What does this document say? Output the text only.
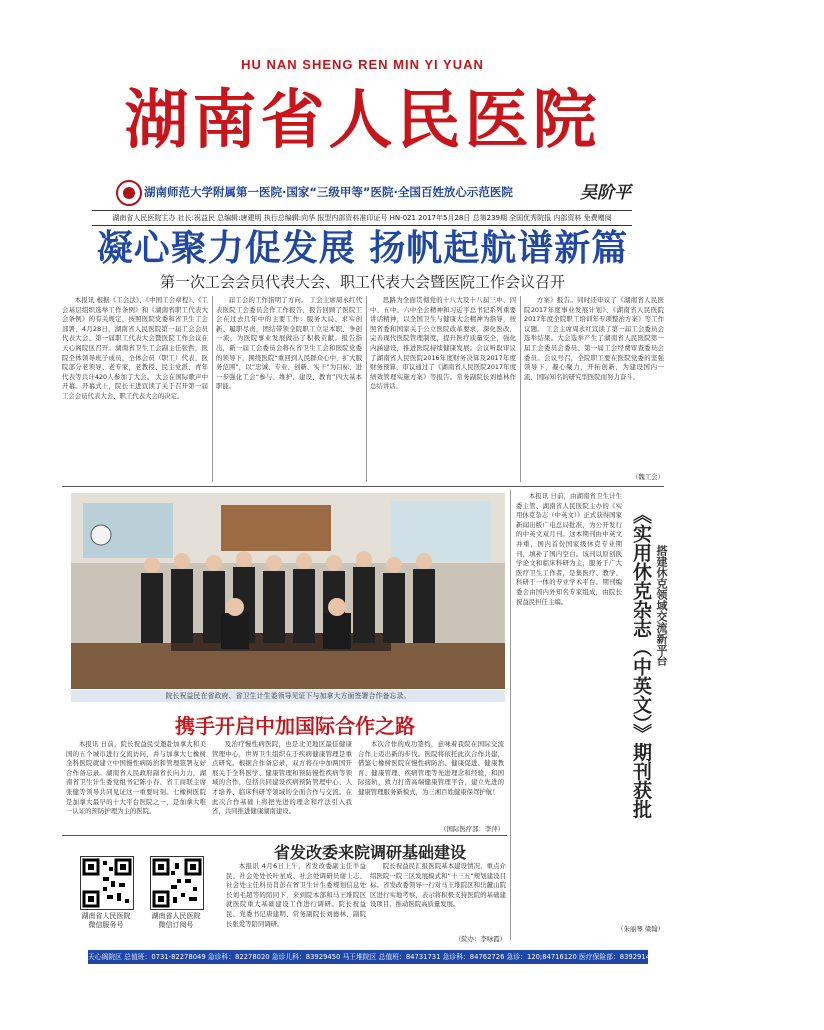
HU NAN SHENG REN MIN YI YUAN
湖南省人民医院
湖南师范大学附属第一医院·国家“三级甲等”医院·全国百姓放心示范医院	吴阶平
湖南省人民医院主办 社长:祝益民 总编辑:唐建明 执行总编辑:向华 报型内部资料准印证号 HN-021 2017年5月28日 总第239期 全国优秀院报 内部资料 免费赠阅
凝心聚力促发展 扬帆起航谱新篇
第一次工会会员代表大会、职工代表大会暨医院工作会议召开

本报讯 根据《工会法》、《中国工会章程》、《工会基层组织选举工作条例》和《湖南省职工代表大会条例》的有关规定，按照医院党委和省卫生工会部署，4月28日，湖南省人民医院第一届工会会员代表大会、第一届职工代表大会暨医院工作会议在天心阁院区召开。湖南省卫生工会副主任张哲，医院全体领导班子成员，全体会员（职工）代表，医院部分老领导、老专家，老教授、民主党派、青年代表等共计420人参加了大会。 大会在国际歌声中开幕。开幕式上，院长王进宣读了关于召开第一届工会会员代表大会、职工代表大会的决定。

届工会的工作指明了方向。 工会主席周永红代表医院工会委员会作工作报告，报告回顾了医院工会在过去几年中的主要工作：服务大局、求实创新、履职尽责，团结带领全院职工立足本职、争创一流，为医院事业发展做出了积极贡献。报告指出，新一届工会委员会将在省卫生工会和医院党委的领导下，围绕医院“重回到人民群众心中，扩大服务范围”，以“忠诚、专业、创新、实干”为目标，进一步强化工会“参与、维护、建设、教育”四大基本职能。

思路为全面贯彻党的十八大及十八届三中、四中、五中、六中全会精神和习近平总书记系列重要讲话精神，以全国卫生与健康大会精神为指导，按照省委和国家关于公立医院改革要求，深化医改，完善现代医院管理制度，提升医疗质量安全，强化内涵建设，推进医院持续健康发展。会议听取审议了湖南省人民医院2016年度财务决算及2017年度财务预算，审议通过了《湖南省人民医院2017年度绩效管理实施方案》等报告。常务副院长刘德林作总结讲话。

方案》报告。同时还审议了《湖南省人民医院2017年度事业发展计划》、《湖南省人民医院2017年度全院职工培训年专项整治方案》等工作议题。 工会主席周永红宣读了第一届工会委员会选举结果。大会选举产生了湖南省人民医院第一届工会委员会委员、第一届工会经费审查委员会委员。会议号召，全院职工要在医院党委的坚强领导下，凝心聚力，开拓创新，为建设国内一流、国际知名的研究型医院而努力奋斗。

（魏工会）
院长祝益民在省政府、省卫生计生委领导见证下与加拿大方面签署合作备忘录。
携手开启中加国际合作之路

本报讯 日前，院长祝益民受邀赴加拿大和美国的五个城市进行交流访问，并与加拿大七橡树全科医院就建立中国慢性病防治和管理签署友好合作备忘录。湖南省人民政府副省长向力力，湖南省卫生计生委党组书记陈小春、省工商联主席张健等领导共同见证这一重要时刻。七橡树医院是加拿大最早的十大平台医院之一，是加拿大唯一认证的预防护理为主的医院。

及治疗慢性病医院，也是北美地区最佳健康管理中心，世界卫生组织在于疾病健康管理是重点研究。根据合作备忘录，双方将在中加两国开展关于全科医学、健康管理和预防慢性疾病等领域的合作，包括共同建设疾病预防管理中心、人才培养、临床科研等领域的全面合作与交流。在此次合作基础上将把先进的理念和疗法引入我省，共同推进健康湖南建设。

本次合作的成功签约，意味着我院在国际交流合作上迈出新的步伐。医院将依托此次合作共建，借鉴七橡树医院在慢性病防治、健康促进、健康教育、健康管理、疾病管理等先进理念和经验，和国际接轨，致力打造高端健康管理平台，建立先进的健康管理服务新模式，为三湘百姓健康保驾护航！

（国际医疗部：李萍）

本报讯 日前，由湖南省卫生计生委主管、湖南省人民医院主办的《实用休克杂志（中英文）》正式获得国家新闻出版广电总局批准，为公开发行的中英文双月刊。这本期刊由中英文并重，国内首份国家级休克专业期刊，填补了国内空白。该刊以原创医学论文和临床科研为主，服务于广大医疗卫生工作者，是集医疗、教学、科研于一体的专业学术平台。期刊编委会由国内外知名专家组成，由院长祝益民担任主编。	《实用休克杂志（中英文）》期刊获批 搭建休克领域交流新平台
（朱丽琴 梁翰）
湖南省人民医院
微信服务号
湖南省人民医院
微信订阅号
省发改委来院调研基础建设

本报讯 4月6日上午，省发改委副主任羊益民、社会处处长叶星成、社会处调研员谢上志、社会处主任科员肖彭在省卫生计生委规划信息处长刘毛超等的陪同下，来到院本部和马王堆院区就医院重大基础建设工作进行调研。院长祝益民、党委书记唐建明、常务副院长刘德林、副院长张爱等陪同调研。

院长祝益民汇报医院基本建设情况，重点介绍医院一院三区发展模式和“十三五”规划建设目标。省发改委领导一行对马王堆院区和岳麓山院区进行实地考察，表示将积极支持医院的基础建设项目，推动医院高质量发展。

（院办：李咏霞）
天心阁院区 总值班：0731-82278049 急诊科：82278020 急诊儿科：83929450 马王堆院区 总值班：84731731 急诊科：84762726 急诊：120;84716120 医疗保险部：83929142 社会服务部：83929071 24小时热线：15874256120
